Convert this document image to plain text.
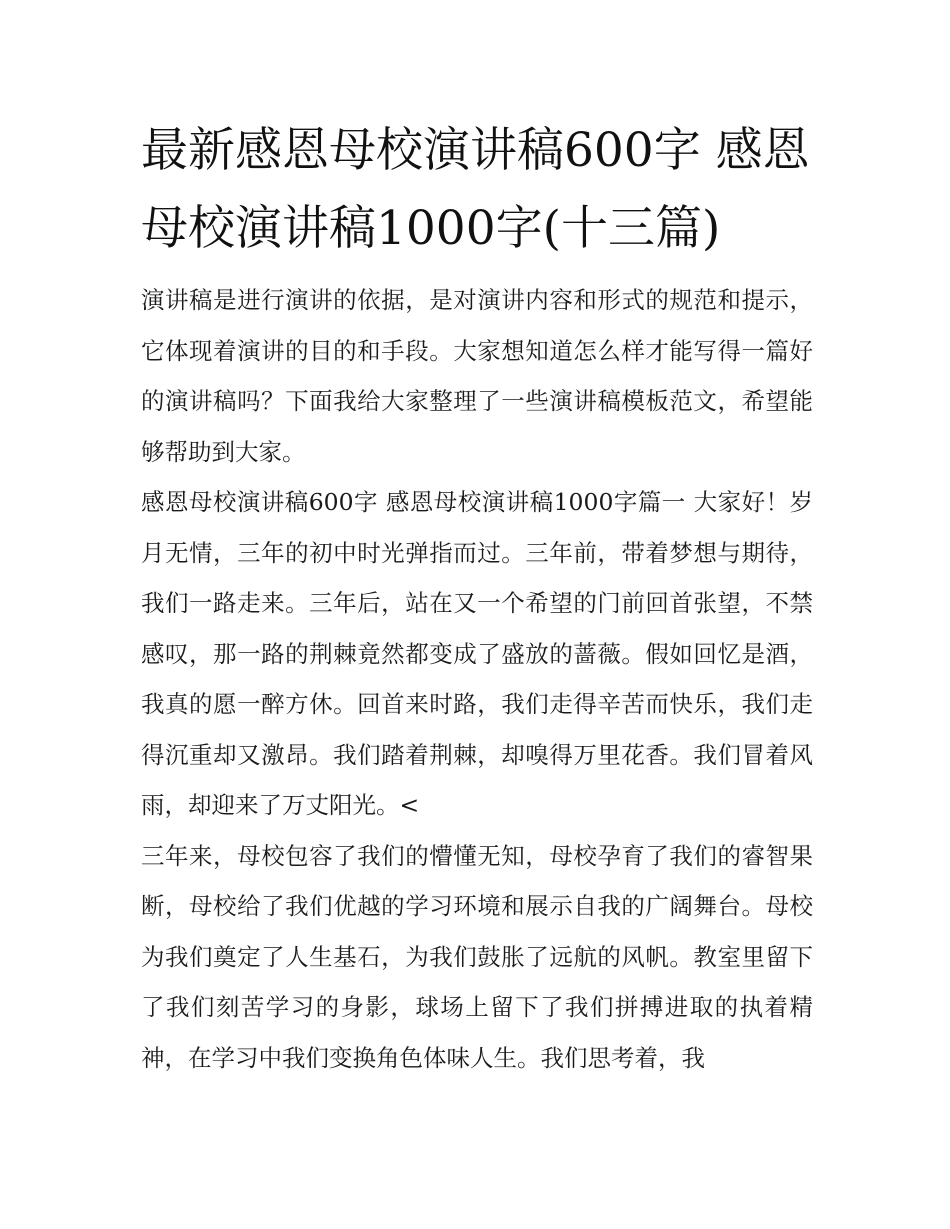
最新感恩母校演讲稿600字 感恩母校演讲稿1000字(十三篇)

演讲稿是进行演讲的依据，是对演讲内容和形式的规范和提示，它体现着演讲的目的和手段。大家想知道怎么样才能写得一篇好的演讲稿吗？下面我给大家整理了一些演讲稿模板范文，希望能够帮助到大家。

感恩母校演讲稿600字 感恩母校演讲稿1000字篇一 大家好！岁月无情，三年的初中时光弹指而过。三年前，带着梦想与期待，我们一路走来。三年后，站在又一个希望的门前回首张望，不禁感叹，那一路的荆棘竟然都变成了盛放的蔷薇。假如回忆是酒，我真的愿一醉方休。回首来时路，我们走得辛苦而快乐，我们走得沉重却又激昂。我们踏着荆棘，却嗅得万里花香。我们冒着风雨，却迎来了万丈阳光。<

三年来，母校包容了我们的懵懂无知，母校孕育了我们的睿智果断，母校给了我们优越的学习环境和展示自我的广阔舞台。母校为我们奠定了人生基石，为我们鼓胀了远航的风帆。教室里留下了我们刻苦学习的身影，球场上留下了我们拼搏进取的执着精神，在学习中我们变换角色体味人生。我们思考着，我
